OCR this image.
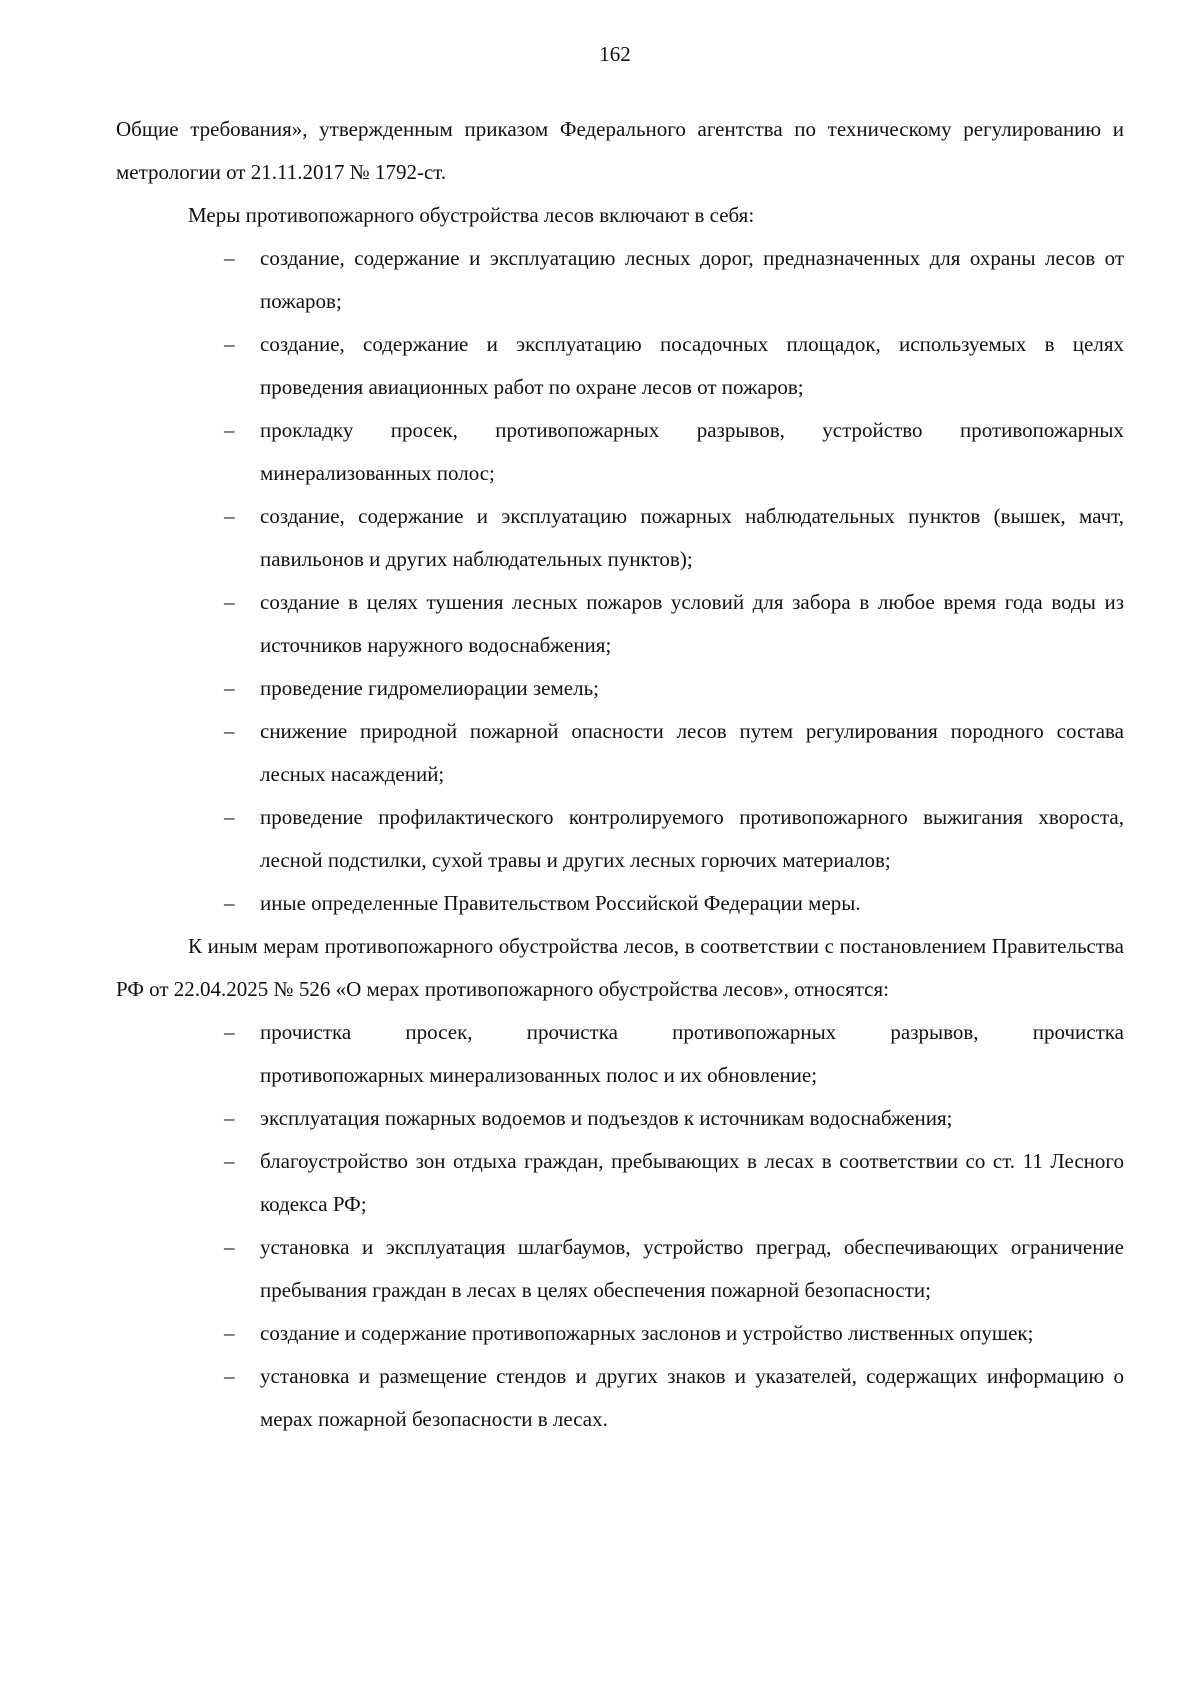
162

Общие требования», утвержденным приказом Федерального агентства по техническому регулированию и метрологии от 21.11.2017 № 1792-ст.

Меры противопожарного обустройства лесов включают в себя:

–	создание, содержание и эксплуатацию лесных дорог, предназначенных для охраны лесов от пожаров;
–	создание, содержание и эксплуатацию посадочных площадок, используемых в целях проведения авиационных работ по охране лесов от пожаров;
–	прокладку просек, противопожарных разрывов, устройство противопожарных минерализованных полос;
–	создание, содержание и эксплуатацию пожарных наблюдательных пунктов (вышек, мачт, павильонов и других наблюдательных пунктов);
–	создание в целях тушения лесных пожаров условий для забора в любое время года воды из источников наружного водоснабжения;
–	проведение гидромелиорации земель;
–	снижение природной пожарной опасности лесов путем регулирования породного состава лесных насаждений;
–	проведение профилактического контролируемого противопожарного выжигания хвороста, лесной подстилки, сухой травы и других лесных горючих материалов;
–	иные определенные Правительством Российской Федерации меры.

К иным мерам противопожарного обустройства лесов, в соответствии с постановлением Правительства РФ от 22.04.2025 № 526 «О мерах противопожарного обустройства лесов», относятся:

–	прочистка	просек,	прочистка	противопожарных	разрывов,	прочистка
противопожарных минерализованных полос и их обновление;
–	эксплуатация пожарных водоемов и подъездов к источникам водоснабжения;
–	благоустройство зон отдыха граждан, пребывающих в лесах в соответствии со ст. 11 Лесного кодекса РФ;
–	установка и эксплуатация шлагбаумов, устройство преград, обеспечивающих ограничение пребывания граждан в лесах в целях обеспечения пожарной безопасности;
–	создание и содержание противопожарных заслонов и устройство лиственных опушек;
–	установка и размещение стендов и других знаков и указателей, содержащих информацию о мерах пожарной безопасности в лесах.
